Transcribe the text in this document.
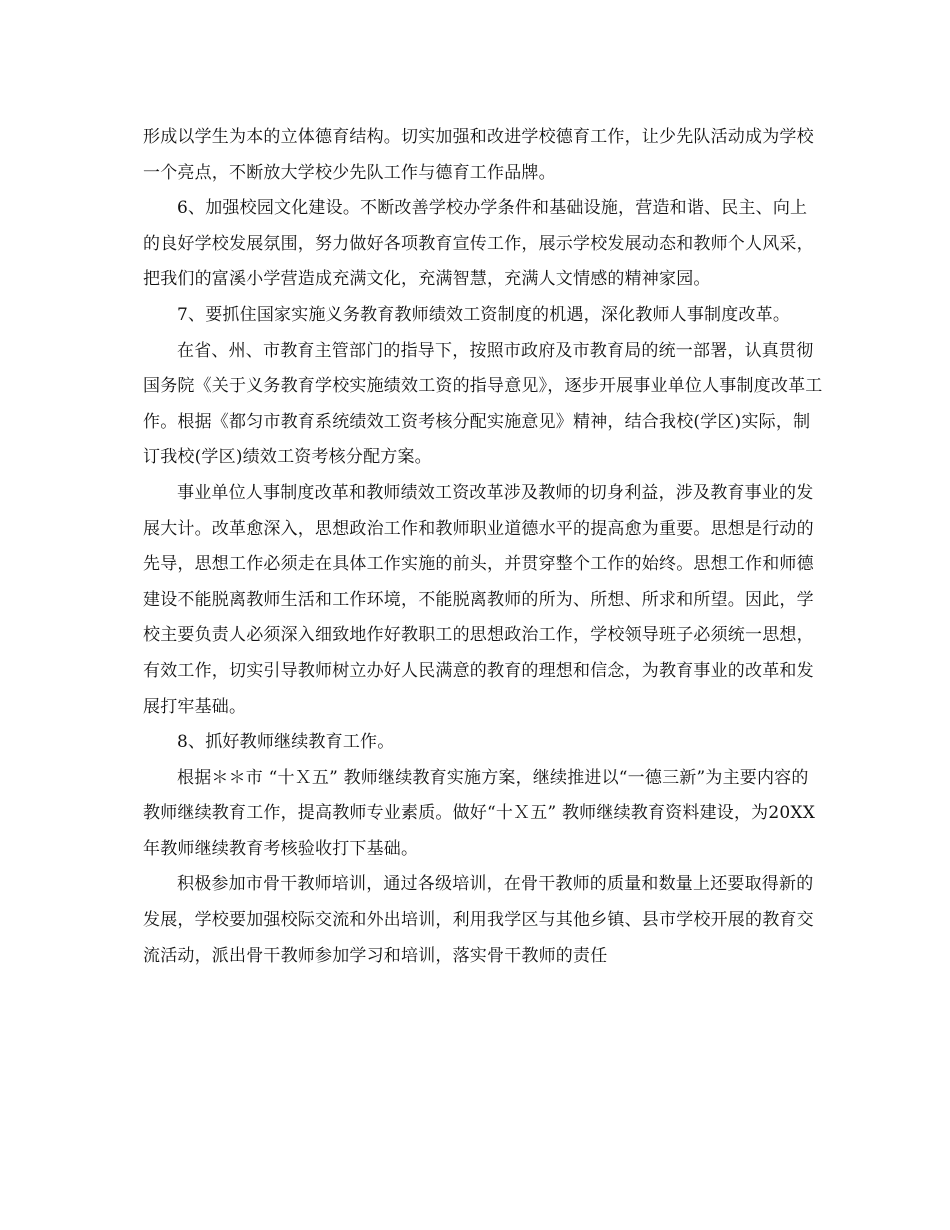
形成以学生为本的立体德育结构。切实加强和改进学校德育工作，让少先队活动成为学校一个亮点，不断放大学校少先队工作与德育工作品牌。

6、加强校园文化建设。不断改善学校办学条件和基础设施，营造和谐、民主、向上的良好学校发展氛围，努力做好各项教育宣传工作，展示学校发展动态和教师个人风采，把我们的富溪小学营造成充满文化，充满智慧，充满人文情感的精神家园。

7、要抓住国家实施义务教育教师绩效工资制度的机遇，深化教师人事制度改革。

在省、州、市教育主管部门的指导下，按照市政府及市教育局的统一部署，认真贯彻国务院《关于义务教育学校实施绩效工资的指导意见》，逐步开展事业单位人事制度改革工作。根据《都匀市教育系统绩效工资考核分配实施意见》精神，结合我校(学区)实际，制订我校(学区)绩效工资考核分配方案。

事业单位人事制度改革和教师绩效工资改革涉及教师的切身利益，涉及教育事业的发展大计。改革愈深入，思想政治工作和教师职业道德水平的提高愈为重要。思想是行动的先导，思想工作必须走在具体工作实施的前头，并贯穿整个工作的始终。思想工作和师德建设不能脱离教师生活和工作环境，不能脱离教师的所为、所想、所求和所望。因此，学校主要负责人必须深入细致地作好教职工的思想政治工作，学校领导班子必须统一思想，有效工作，切实引导教师树立办好人民满意的教育的理想和信念，为教育事业的改革和发展打牢基础。

8、抓好教师继续教育工作。

根据＊＊市 “十Ｘ五” 教师继续教育实施方案，继续推进以“一德三新”为主要内容的教师继续教育工作，提高教师专业素质。做好“十Ｘ五” 教师继续教育资料建设，为20XX年教师继续教育考核验收打下基础。

积极参加市骨干教师培训，通过各级培训，在骨干教师的质量和数量上还要取得新的发展，学校要加强校际交流和外出培训，利用我学区与其他乡镇、县市学校开展的教育交流活动，派出骨干教师参加学习和培训，落实骨干教师的责任
